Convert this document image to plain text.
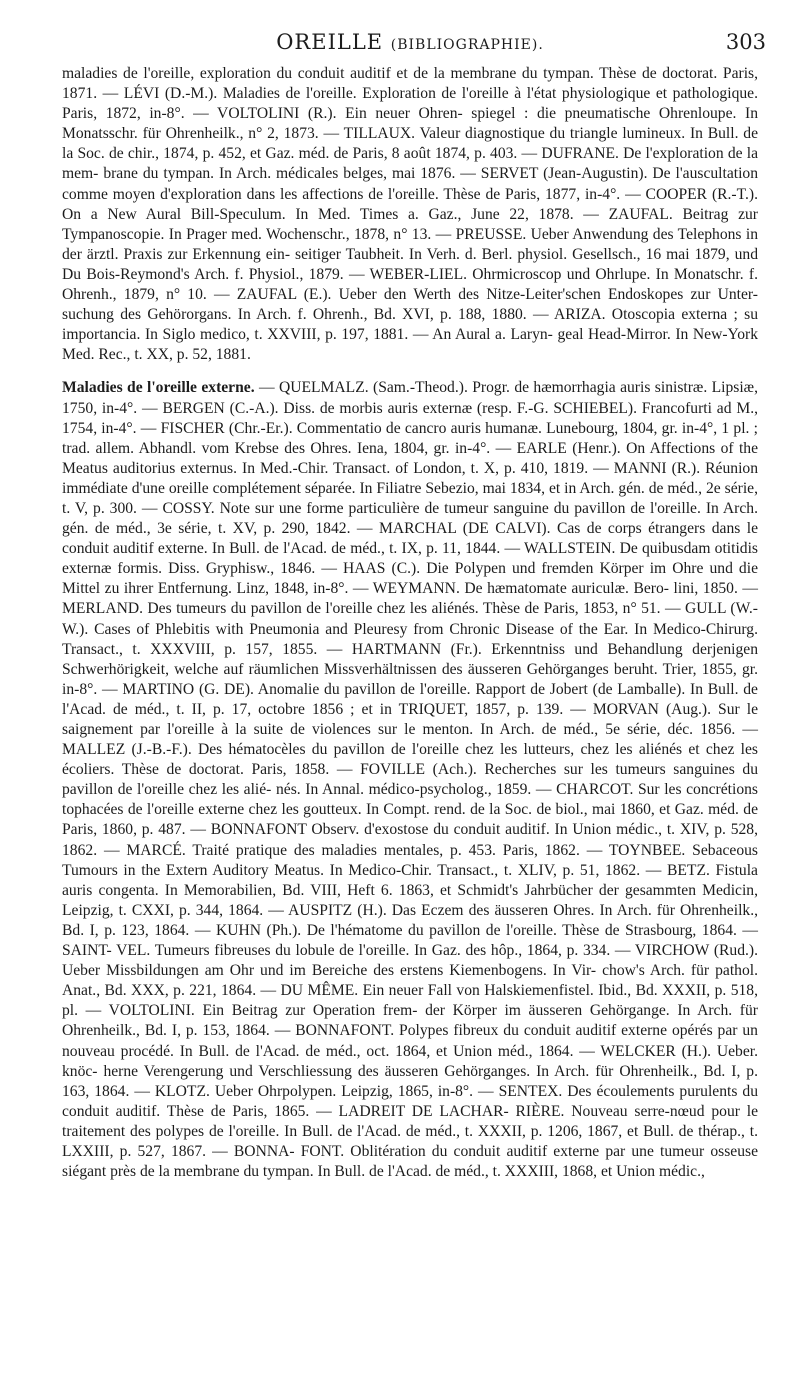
OREILLE (BIBLIOGRAPHIE).	303

maladies de l'oreille, exploration du conduit auditif et de la membrane du tympan. Thèse de doctorat. Paris, 1871. — LÉVI (D.-M.). Maladies de l'oreille. Exploration de l'oreille à l'état physiologique et pathologique. Paris, 1872, in-8°. — VOLTOLINI (R.). Ein neuer Ohren- spiegel : die pneumatische Ohrenloupe. In Monatsschr. für Ohrenheilk., n° 2, 1873. — TILLAUX. Valeur diagnostique du triangle lumineux. In Bull. de la Soc. de chir., 1874, p. 452, et Gaz. méd. de Paris, 8 août 1874, p. 403. — DUFRANE. De l'exploration de la mem- brane du tympan. In Arch. médicales belges, mai 1876. — SERVET (Jean-Augustin). De l'auscultation comme moyen d'exploration dans les affections de l'oreille. Thèse de Paris, 1877, in-4°. — COOPER (R.-T.). On a New Aural Bill-Speculum. In Med. Times a. Gaz., June 22, 1878. — ZAUFAL. Beitrag zur Tympanoscopie. In Prager med. Wochenschr., 1878, n° 13. — PREUSSE. Ueber Anwendung des Telephons in der ärztl. Praxis zur Erkennung ein- seitiger Taubheit. In Verh. d. Berl. physiol. Gesellsch., 16 mai 1879, und Du Bois-Reymond's Arch. f. Physiol., 1879. — WEBER-LIEL. Ohrmicroscop und Ohrlupe. In Monatschr. f. Ohrenh., 1879, n° 10. — ZAUFAL (E.). Ueber den Werth des Nitze-Leiter'schen Endoskopes zur Unter- suchung des Gehörorgans. In Arch. f. Ohrenh., Bd. XVI, p. 188, 1880. — ARIZA. Otoscopia externa ; su importancia. In Siglo medico, t. XXVIII, p. 197, 1881. — An Aural a. Laryn- geal Head-Mirror. In New-York Med. Rec., t. XX, p. 52, 1881.

Maladies de l'oreille externe. — QUELMALZ. (Sam.-Theod.). Progr. de hæmorrhagia auris sinistræ. Lipsiæ, 1750, in-4°. — BERGEN (C.-A.). Diss. de morbis auris externæ (resp. F.-G. SCHIEBEL). Francofurti ad M., 1754, in-4°. — FISCHER (Chr.-Er.). Commentatio de cancro auris humanæ. Lunebourg, 1804, gr. in-4°, 1 pl. ; trad. allem. Abhandl. vom Krebse des Ohres. Iena, 1804, gr. in-4°. — EARLE (Henr.). On Affections of the Meatus auditorius externus. In Med.-Chir. Transact. of London, t. X, p. 410, 1819. — MANNI (R.). Réunion immédiate d'une oreille complétement séparée. In Filiatre Sebezio, mai 1834, et in Arch. gén. de méd., 2e série, t. V, p. 300. — COSSY. Note sur une forme particulière de tumeur sanguine du pavillon de l'oreille. In Arch. gén. de méd., 3e série, t. XV, p. 290, 1842. — MARCHAL (DE CALVI). Cas de corps étrangers dans le conduit auditif externe. In Bull. de l'Acad. de méd., t. IX, p. 11, 1844. — WALLSTEIN. De quibusdam otitidis externæ formis. Diss. Gryphisw., 1846. — HAAS (C.). Die Polypen und fremden Körper im Ohre und die Mittel zu ihrer Entfernung. Linz, 1848, in-8°. — WEYMANN. De hæmatomate auriculæ. Bero- lini, 1850. — MERLAND. Des tumeurs du pavillon de l'oreille chez les aliénés. Thèse de Paris, 1853, n° 51. — GULL (W.-W.). Cases of Phlebitis with Pneumonia and Pleuresy from Chronic Disease of the Ear. In Medico-Chirurg. Transact., t. XXXVIII, p. 157, 1855. — HARTMANN (Fr.). Erkenntniss und Behandlung derjenigen Schwerhörigkeit, welche auf räumlichen Missverhältnissen des äusseren Gehörganges beruht. Trier, 1855, gr. in-8°. — MARTINO (G. DE). Anomalie du pavillon de l'oreille. Rapport de Jobert (de Lamballe). In Bull. de l'Acad. de méd., t. II, p. 17, octobre 1856 ; et in TRIQUET, 1857, p. 139. — MORVAN (Aug.). Sur le saignement par l'oreille à la suite de violences sur le menton. In Arch. de méd., 5e série, déc. 1856. — MALLEZ (J.-B.-F.). Des hématocèles du pavillon de l'oreille chez les lutteurs, chez les aliénés et chez les écoliers. Thèse de doctorat. Paris, 1858. — FOVILLE (Ach.). Recherches sur les tumeurs sanguines du pavillon de l'oreille chez les alié- nés. In Annal. médico-psycholog., 1859. — CHARCOT. Sur les concrétions tophacées de l'oreille externe chez les goutteux. In Compt. rend. de la Soc. de biol., mai 1860, et Gaz. méd. de Paris, 1860, p. 487. — BONNAFONT Observ. d'exostose du conduit auditif. In Union médic., t. XIV, p. 528, 1862. — MARCÉ. Traité pratique des maladies mentales, p. 453. Paris, 1862. — TOYNBEE. Sebaceous Tumours in the Extern Auditory Meatus. In Medico-Chir. Transact., t. XLIV, p. 51, 1862. — BETZ. Fistula auris congenta. In Memorabilien, Bd. VIII, Heft 6. 1863, et Schmidt's Jahrbücher der gesammten Medicin, Leipzig, t. CXXI, p. 344, 1864. — AUSPITZ (H.). Das Eczem des äusseren Ohres. In Arch. für Ohrenheilk., Bd. I, p. 123, 1864. — KUHN (Ph.). De l'hématome du pavillon de l'oreille. Thèse de Strasbourg, 1864. — SAINT- VEL. Tumeurs fibreuses du lobule de l'oreille. In Gaz. des hôp., 1864, p. 334. — VIRCHOW (Rud.). Ueber Missbildungen am Ohr und im Bereiche des erstens Kiemenbogens. In Vir- chow's Arch. für pathol. Anat., Bd. XXX, p. 221, 1864. — DU MÊME. Ein neuer Fall von Halskiemenfistel. Ibid., Bd. XXXII, p. 518, pl. — VOLTOLINI. Ein Beitrag zur Operation frem- der Körper im äusseren Gehörgange. In Arch. für Ohrenheilk., Bd. I, p. 153, 1864. — BONNAFONT. Polypes fibreux du conduit auditif externe opérés par un nouveau procédé. In Bull. de l'Acad. de méd., oct. 1864, et Union méd., 1864. — WELCKER (H.). Ueber. knöc- herne Verengerung und Verschliessung des äusseren Gehörganges. In Arch. für Ohrenheilk., Bd. I, p. 163, 1864. — KLOTZ. Ueber Ohrpolypen. Leipzig, 1865, in-8°. — SENTEX. Des écoulements purulents du conduit auditif. Thèse de Paris, 1865. — LADREIT DE LACHAR- RIÈRE. Nouveau serre-nœud pour le traitement des polypes de l'oreille. In Bull. de l'Acad. de méd., t. XXXII, p. 1206, 1867, et Bull. de thérap., t. LXXIII, p. 527, 1867. — BONNA- FONT. Oblitération du conduit auditif externe par une tumeur osseuse siégant près de la membrane du tympan. In Bull. de l'Acad. de méd., t. XXXIII, 1868, et Union médic.,
